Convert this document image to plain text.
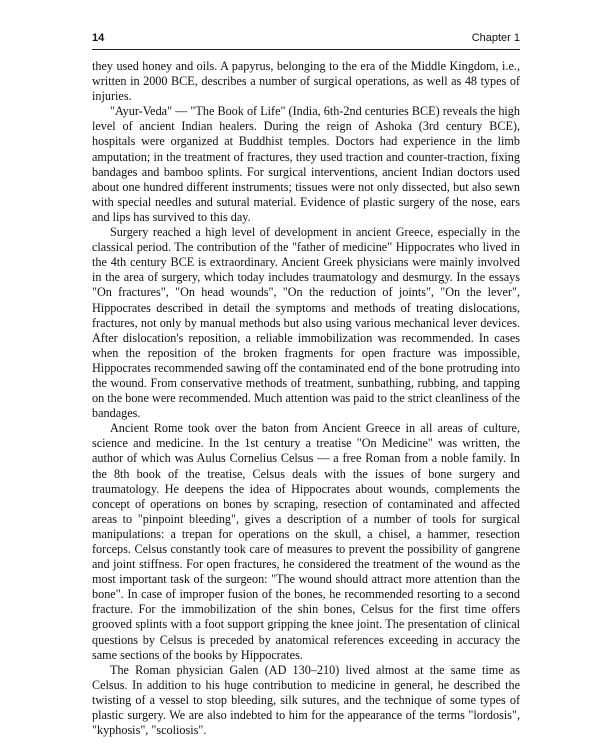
14	Chapter 1

they used honey and oils. A papyrus, belonging to the era of the Middle Kingdom, i.e., written in 2000 BCE, describes a number of surgical operations, as well as 48 types of injuries.

"Ayur-Veda" — "The Book of Life" (India, 6th-2nd centuries BCE) reveals the high level of ancient Indian healers. During the reign of Ashoka (3rd century BCE), hospitals were organized at Buddhist temples. Doctors had experience in the limb amputation; in the treatment of fractures, they used traction and counter-traction, fixing bandages and bamboo splints. For surgical interventions, ancient Indian doctors used about one hundred different instruments; tissues were not only dissected, but also sewn with special needles and sutural material. Evidence of plastic surgery of the nose, ears and lips has survived to this day.

Surgery reached a high level of development in ancient Greece, especially in the classical period. The contribution of the "father of medicine" Hippocrates who lived in the 4th century BCE is extraordinary. Ancient Greek physicians were mainly involved in the area of surgery, which today includes traumatology and desmurgy. In the essays "On fractures", "On head wounds", "On the reduction of joints", "On the lever", Hippocrates described in detail the symptoms and methods of treating dislocations, fractures, not only by manual methods but also using various mechanical lever devices. After dislocation's reposition, a reliable immobilization was recommended. In cases when the reposition of the broken fragments for open fracture was impossible, Hippocrates recommended sawing off the contaminated end of the bone protruding into the wound. From conservative methods of treatment, sunbathing, rubbing, and tapping on the bone were recommended. Much attention was paid to the strict cleanliness of the bandages.

Ancient Rome took over the baton from Ancient Greece in all areas of culture, science and medicine. In the 1st century a treatise "On Medicine" was written, the author of which was Aulus Cornelius Celsus — a free Roman from a noble family. In the 8th book of the treatise, Celsus deals with the issues of bone surgery and traumatology. He deepens the idea of Hippocrates about wounds, complements the concept of operations on bones by scraping, resection of contaminated and affected areas to "pinpoint bleeding", gives a description of a number of tools for surgical manipulations: a trepan for operations on the skull, a chisel, a hammer, resection forceps. Celsus constantly took care of measures to prevent the possibility of gangrene and joint stiffness. For open fractures, he considered the treatment of the wound as the most important task of the surgeon: "The wound should attract more attention than the bone". In case of improper fusion of the bones, he recommended resorting to a second fracture. For the immobilization of the shin bones, Celsus for the first time offers grooved splints with a foot support gripping the knee joint. The presentation of clinical questions by Celsus is preceded by anatomical references exceeding in accuracy the same sections of the books by Hippocrates.

The Roman physician Galen (AD 130–210) lived almost at the same time as Celsus. In addition to his huge contribution to medicine in general, he described the twisting of a vessel to stop bleeding, silk sutures, and the technique of some types of plastic surgery. We are also indebted to him for the appearance of the terms "lordosis", "kyphosis", "scoliosis".
